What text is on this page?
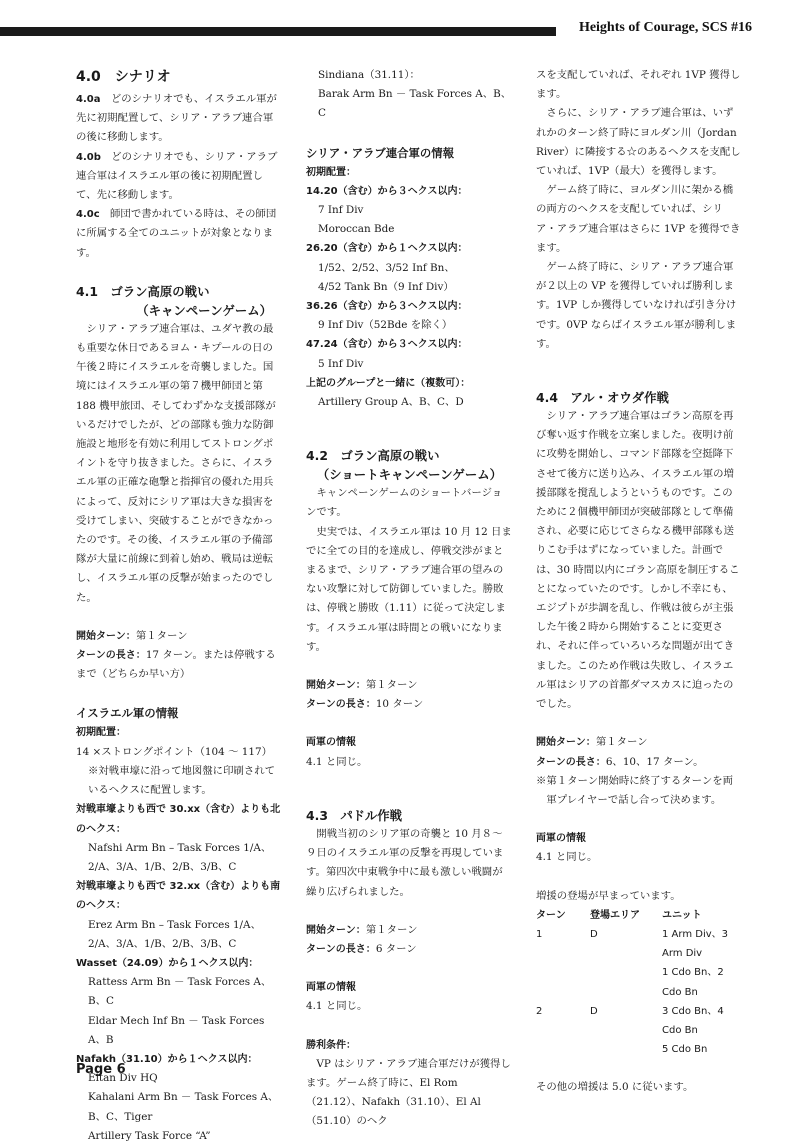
Heights of Courage, SCS #16
4.0　シナリオ

4.0a　 どのシナリオでも、イスラエル軍が先に初期配置して、シリア・アラブ連合軍の後に移動します。

4.0b　 どのシナリオでも、シリア・アラブ連合軍はイスラエル軍の後に初期配置して、先に移動します。

4.0c　 師団で書かれている時は、その師団に所属する全てのユニットが対象となります。

4.1　ゴラン高原の戦い
（キャンペーンゲーム）

シリア・アラブ連合軍は、ユダヤ教の最も重要な休日であるヨム・キプールの日の午後２時にイスラエルを奇襲しました。国境にはイスラエル軍の第７機甲師団と第188 機甲旅団、そしてわずかな支援部隊がいるだけでしたが、どの部隊も強力な防御施設と地形を有効に利用してストロングポイントを守り抜きました。さらに、イスラエル軍の正確な砲撃と指揮官の優れた用兵によって、反対にシリア軍は大きな損害を受けてしまい、突破することができなかったのです。その後、イスラエル軍の予備部隊が大量に前線に到着し始め、戦局は逆転し、イスラエル軍の反撃が始まったのでした。

開始ターン：第１ターン

ターンの長さ：17 ターン。または停戦するまで（どちらか早い方）

イスラエル軍の情報

初期配置：

14 ×ストロングポイント（104 ～ 117）

※対戦車壕に沿って地図盤に印刷されているヘクスに配置します。

対戦車壕よりも西で 30.xx（含む）よりも北のヘクス：

Nafshi Arm Bn – Task Forces 1/A、2/A、3/A、1/B、2/B、3/B、C

対戦車壕よりも西で 32.xx（含む）よりも南のヘクス：

Erez Arm Bn – Task Forces 1/A、2/A、3/A、1/B、2/B、3/B、C

Wasset（24.09）から１ヘクス以内：

Rattess Arm Bn － Task Forces A、B、C

Eldar Mech Inf Bn － Task Forces A、B

Nafakh（31.10）から１ヘクス以内：

Eitan Div HQ

Kahalani Arm Bn － Task Forces A、B、C、Tiger

Artillery Task Force “A”

Sindiana（31.11）：

Barak Arm Bn － Task Forces A、B、C

シリア・アラブ連合軍の情報

初期配置：

14.20（含む）から３ヘクス以内：

7 Inf Div

Moroccan Bde

26.20（含む）から１ヘクス以内：

1/52、2/52、3/52 Inf Bn、

4/52 Tank Bn（9 Inf Div）

36.26（含む）から３ヘクス以内：

9 Inf Div（52Bde を除く）

47.24（含む）から３ヘクス以内：

5 Inf Div

上記のグループと一緒に（複数可）：

Artillery Group A、B、C、D

4.2　ゴラン高原の戦い
（ショートキャンペーンゲーム）

キャンペーンゲームのショートバージョンです。

史実では、イスラエル軍は 10 月 12 日までに全ての目的を達成し、停戦交渉がまとまるまで、シリア・アラブ連合軍の望みのない攻撃に対して防御していました。勝敗は、停戦と勝敗（1.11）に従って決定します。イスラエル軍は時間との戦いになります。

開始ターン：第１ターン

ターンの長さ：10 ターン

両軍の情報

4.1 と同じ。

4.3　パドル作戦

開戦当初のシリア軍の奇襲と 10 月８～９日のイスラエル軍の反撃を再現しています。第四次中東戦争中に最も激しい戦闘が繰り広げられました。

開始ターン：第１ターン

ターンの長さ：6 ターン

両軍の情報

4.1 と同じ。

勝利条件：

VP はシリア・アラブ連合軍だけが獲得します。ゲーム終了時に、El Rom（21.12）、Nafakh（31.10）、El Al（51.10）のヘク

スを支配していれば、それぞれ 1VP 獲得します。

さらに、シリア・アラブ連合軍は、いずれかのターン終了時にヨルダン川（Jordan River）に隣接する☆のあるヘクスを支配していれば、1VP（最大）を獲得します。

ゲーム終了時に、ヨルダン川に架かる橋の両方のヘクスを支配していれば、シリア・アラブ連合軍はさらに 1VP を獲得できます。

ゲーム終了時に、シリア・アラブ連合軍が２以上の VP を獲得していれば勝利します。1VP しか獲得していなければ引き分けです。0VP ならばイスラエル軍が勝利します。

4.4　アル・オウダ作戦

シリア・アラブ連合軍はゴラン高原を再び奪い返す作戦を立案しました。夜明け前に攻勢を開始し、コマンド部隊を空挺降下させて後方に送り込み、イスラエル軍の増援部隊を撹乱しようというものです。このために２個機甲師団が突破部隊として準備され、必要に応じてさらなる機甲部隊も送りこむ手はずになっていました。計画では、30 時間以内にゴラン高原を制圧することになっていたのです。しかし不幸にも、エジプトが歩調を乱し、作戦は彼らが主張した午後２時から開始することに変更され、それに伴っていろいろな問題が出てきました。このため作戦は失敗し、イスラエル軍はシリアの首都ダマスカスに迫ったのでした。

開始ターン：第１ターン

ターンの長さ：6、10、17 ターン。

※第１ターン開始時に終了するターンを両軍プレイヤーで話し合って決めます。

両軍の情報

4.1 と同じ。

増援の登場が早まっています。

ターン	登場エリア	ユニット
1	D	1 Arm Div、3 Arm Div
1 Cdo Bn、2 Cdo Bn

2	D	3 Cdo Bn、4 Cdo Bn
5 Cdo Bn

その他の増援は 5.0 に従います。

Page 6
